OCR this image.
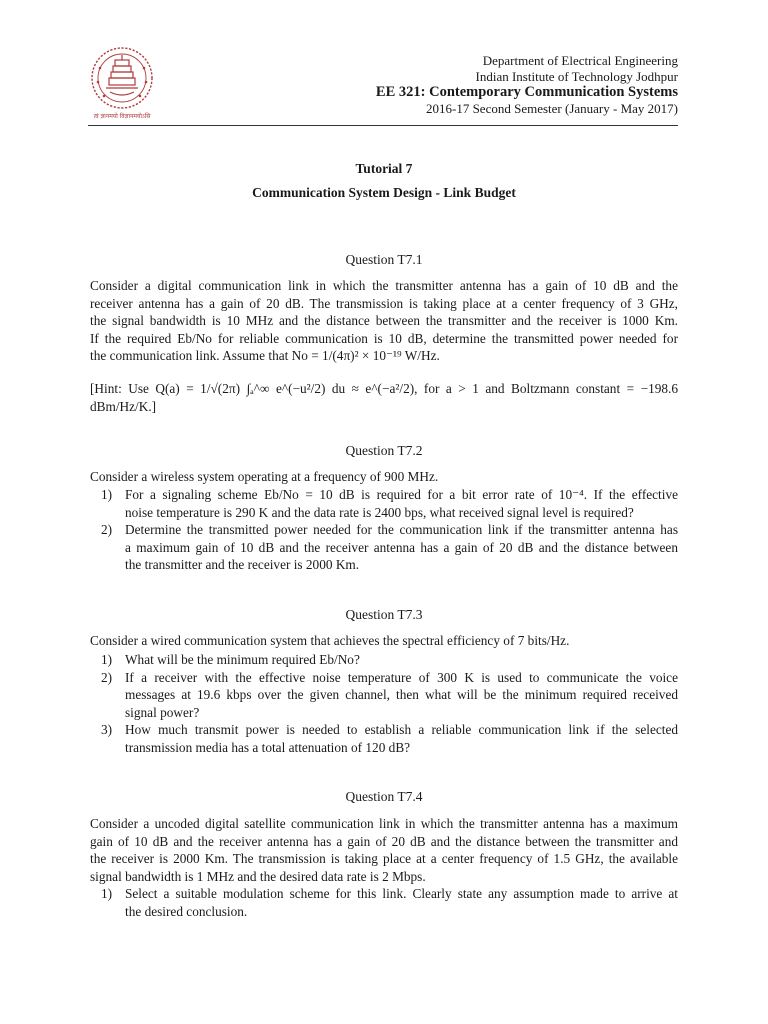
त्वं ज्ञानमयो विज्ञानमयोऽसि
Department of Electrical Engineering
Indian Institute of Technology Jodhpur
EE 321: Contemporary Communication Systems
2016-17 Second Semester (January - May 2017)
Tutorial 7
Communication System Design - Link Budget
Question T7.1
Consider a digital communication link in which the transmitter antenna has a gain of 10 dB and the
receiver antenna has a gain of 20 dB. The transmission is taking place at a center frequency of 3 GHz,
the signal bandwidth is 10 MHz and the distance between the transmitter and the receiver is 1000 Km.
If the required Eb/No for reliable communication is 10 dB, determine the transmitted power needed for
the communication link. Assume that No = 1/(4π)² × 10⁻¹⁹ W/Hz.
[Hint: Use Q(a) = 1/√(2π) ∫ₐ^∞ e^(−u²/2) du ≈ e^(−a²/2), for a > 1 and Boltzmann constant = −198.6
dBm/Hz/K.]
Question T7.2
Consider a wireless system operating at a frequency of 900 MHz.
1) For a signaling scheme Eb/No = 10 dB is required for a bit error rate of 10⁻⁴. If the effective
noise temperature is 290 K and the data rate is 2400 bps, what received signal level is required?
2) Determine the transmitted power needed for the communication link if the transmitter antenna has
a maximum gain of 10 dB and the receiver antenna has a gain of 20 dB and the distance between
the transmitter and the receiver is 2000 Km.
Question T7.3
Consider a wired communication system that achieves the spectral efficiency of 7 bits/Hz.
1) What will be the minimum required Eb/No?
2) If a receiver with the effective noise temperature of 300 K is used to communicate the voice
messages at 19.6 kbps over the given channel, then what will be the minimum required received
signal power?
3) How much transmit power is needed to establish a reliable communication link if the selected
transmission media has a total attenuation of 120 dB?
Question T7.4
Consider a uncoded digital satellite communication link in which the transmitter antenna has a maximum
gain of 10 dB and the receiver antenna has a gain of 20 dB and the distance between the transmitter and
the receiver is 2000 Km. The transmission is taking place at a center frequency of 1.5 GHz, the available
signal bandwidth is 1 MHz and the desired data rate is 2 Mbps.
1) Select a suitable modulation scheme for this link. Clearly state any assumption made to arrive at
the desired conclusion.
